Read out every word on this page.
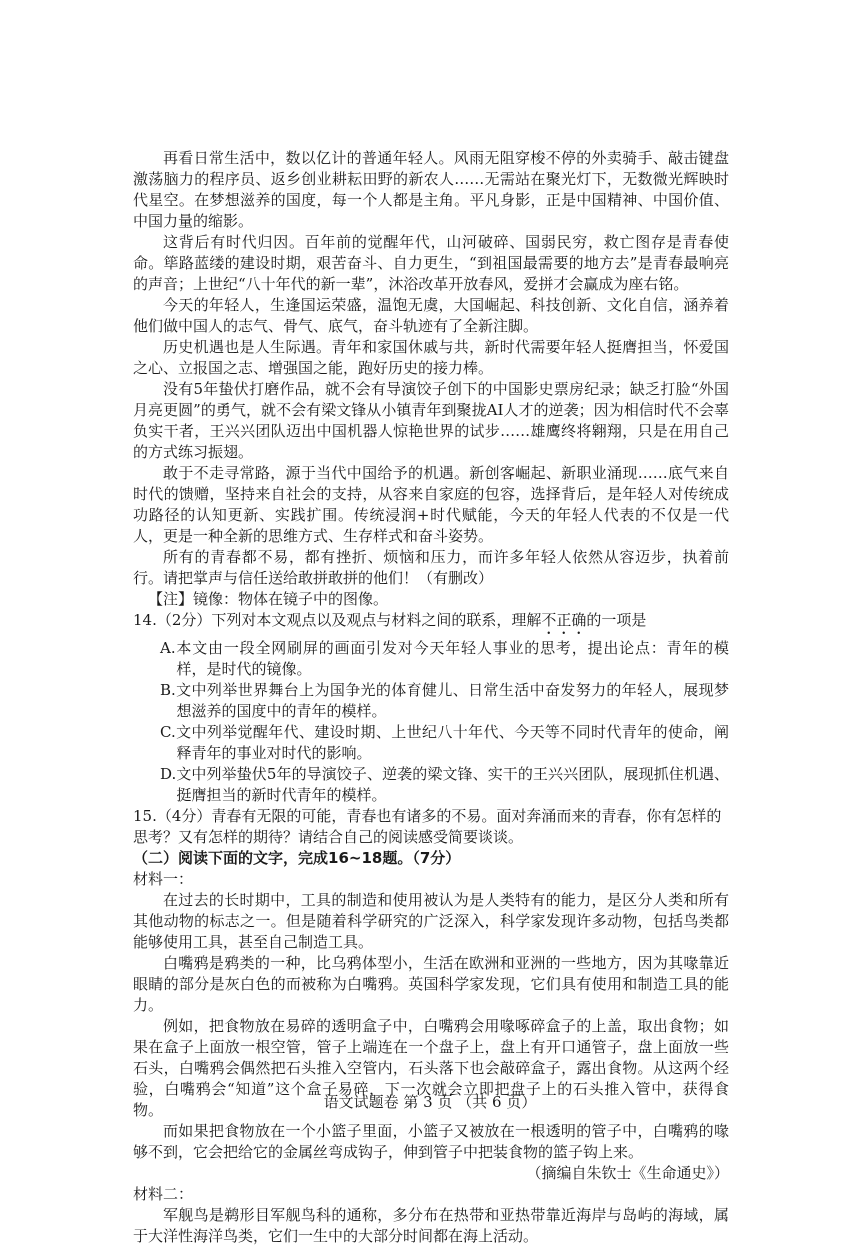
再看日常生活中，数以亿计的普通年轻人。风雨无阻穿梭不停的外卖骑手、敲击键盘激荡脑力的程序员、返乡创业耕耘田野的新农人……无需站在聚光灯下，无数微光辉映时代星空。在梦想滋养的国度，每一个人都是主角。平凡身影，正是中国精神、中国价值、中国力量的缩影。

这背后有时代归因。百年前的觉醒年代，山河破碎、国弱民穷，救亡图存是青春使命。筚路蓝缕的建设时期，艰苦奋斗、自力更生，“到祖国最需要的地方去”是青春最响亮的声音；上世纪“八十年代的新一辈”，沐浴改革开放春风，爱拼才会赢成为座右铭。

今天的年轻人，生逢国运荣盛，温饱无虞，大国崛起、科技创新、文化自信，涵养着他们做中国人的志气、骨气、底气，奋斗轨迹有了全新注脚。

历史机遇也是人生际遇。青年和家国休戚与共，新时代需要年轻人挺膺担当，怀爱国之心、立报国之志、增强国之能，跑好历史的接力棒。

没有5年蛰伏打磨作品，就不会有导演饺子创下的中国影史票房纪录；缺乏打脸“外国月亮更圆”的勇气，就不会有梁文锋从小镇青年到聚拢AI人才的逆袭；因为相信时代不会辜负实干者，王兴兴团队迈出中国机器人惊艳世界的试步……雄鹰终将翱翔，只是在用自己的方式练习振翅。

敢于不走寻常路，源于当代中国给予的机遇。新创客崛起、新职业涌现……底气来自时代的馈赠，坚持来自社会的支持，从容来自家庭的包容，选择背后，是年轻人对传统成功路径的认知更新、实践扩围。传统浸润+时代赋能，今天的年轻人代表的不仅是一代人，更是一种全新的思维方式、生存样式和奋斗姿势。

所有的青春都不易，都有挫折、烦恼和压力，而许多年轻人依然从容迈步，执着前行。请把掌声与信任送给敢拼敢拼的他们！（有删改）

【注】镜像：物体在镜子中的图像。

14.（2分）下列对本文观点以及观点与材料之间的联系，理解不正确的一项是

A.本文由一段全网刷屏的画面引发对今天年轻人事业的思考，提出论点：青年的模样，是时代的镜像。

B.文中列举世界舞台上为国争光的体育健儿、日常生活中奋发努力的年轻人，展现梦想滋养的国度中的青年的模样。

C.文中列举觉醒年代、建设时期、上世纪八十年代、今天等不同时代青年的使命，阐释青年的事业对时代的影响。

D.文中列举蛰伏5年的导演饺子、逆袭的梁文锋、实干的王兴兴团队，展现抓住机遇、挺膺担当的新时代青年的模样。

15.（4分）青春有无限的可能，青春也有诸多的不易。面对奔涌而来的青春，你有怎样的思考？又有怎样的期待？请结合自己的阅读感受简要谈谈。

（二）阅读下面的文字，完成16~18题。（7分）

材料一：

在过去的长时期中，工具的制造和使用被认为是人类特有的能力，是区分人类和所有其他动物的标志之一。但是随着科学研究的广泛深入，科学家发现许多动物，包括鸟类都能够使用工具，甚至自己制造工具。

白嘴鸦是鸦类的一种，比乌鸦体型小，生活在欧洲和亚洲的一些地方，因为其喙靠近眼睛的部分是灰白色的而被称为白嘴鸦。英国科学家发现，它们具有使用和制造工具的能力。

例如，把食物放在易碎的透明盒子中，白嘴鸦会用喙啄碎盒子的上盖，取出食物；如果在盒子上面放一根空管，管子上端连在一个盘子上，盘上有开口通管子，盘上面放一些石头，白嘴鸦会偶然把石头推入空管内，石头落下也会敲碎盒子，露出食物。从这两个经验，白嘴鸦会“知道”这个盒子易碎，下一次就会立即把盘子上的石头推入管中，获得食物。

而如果把食物放在一个小篮子里面，小篮子又被放在一根透明的管子中，白嘴鸦的喙够不到，它会把给它的金属丝弯成钩子，伸到管子中把装食物的篮子钩上来。

（摘编自朱钦士《生命通史》）

材料二：

军舰鸟是鹈形目军舰鸟科的通称，多分布在热带和亚热带靠近海岸与岛屿的海域，属于大洋性海洋鸟类，它们一生中的大部分时间都在海上活动。

语文试题卷 第 3 页 （共 6 页）
